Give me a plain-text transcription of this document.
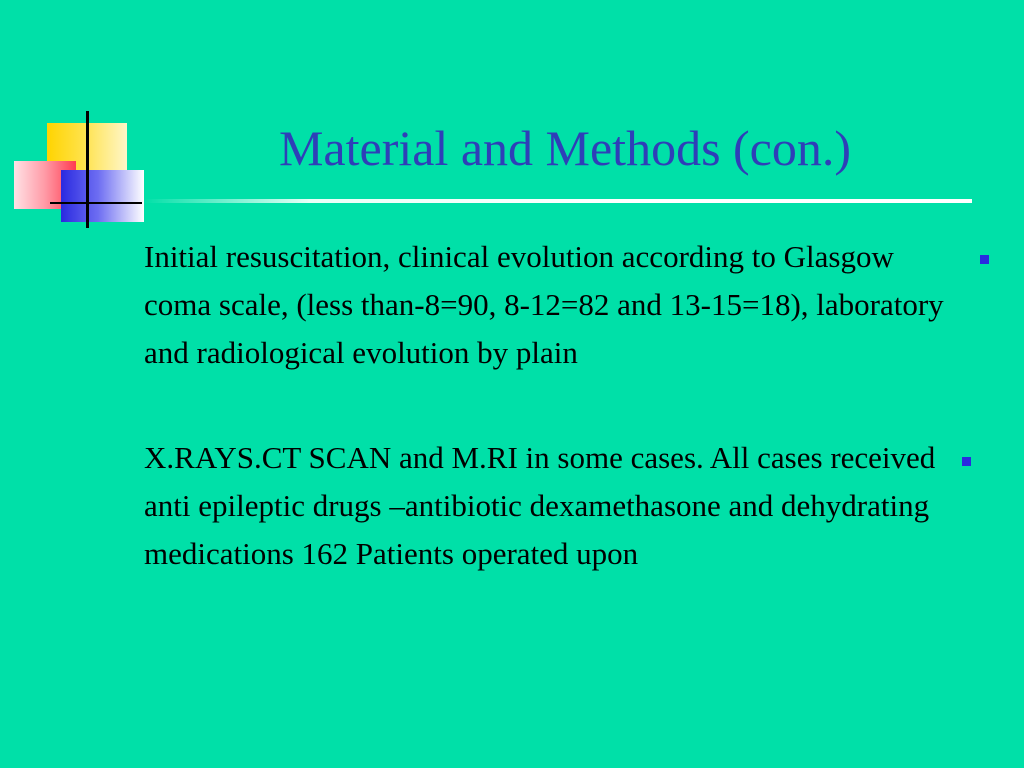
Material and Methods (con.)
Initial resuscitation, clinical evolution according to Glasgow coma scale, (less than-8=90, 8-12=82 and 13-15=18), laboratory and radiological evolution by plain
X.RAYS.CT SCAN and M.RI in some cases. All cases received anti epileptic drugs –antibiotic dexamethasone and dehydrating medications 162 Patients operated upon
